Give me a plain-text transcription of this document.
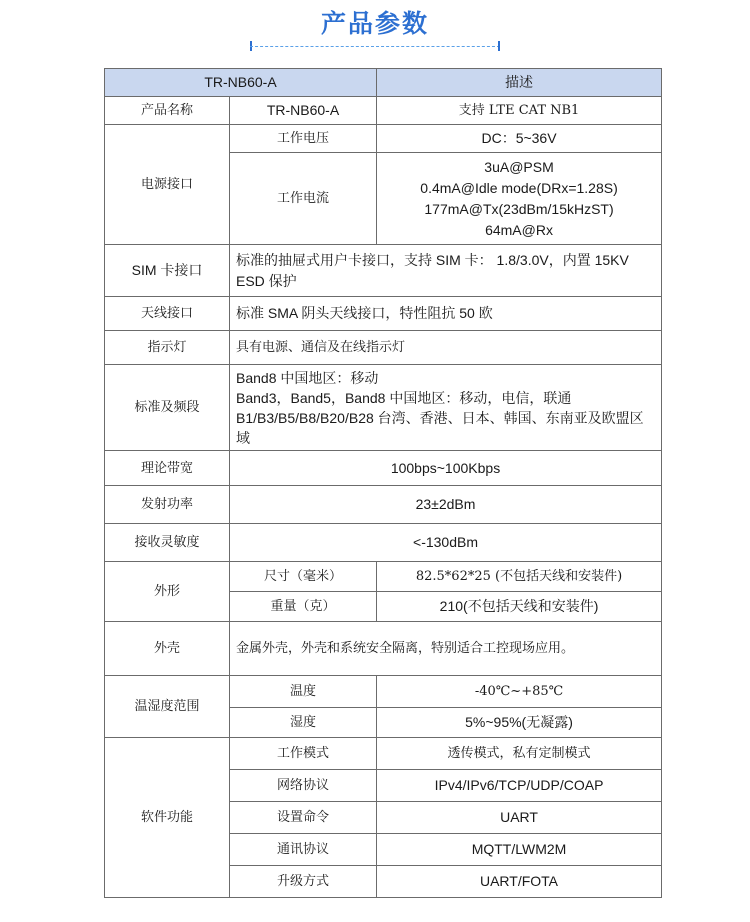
产品参数
TR-NB60-A		描述
产品名称	TR-NB60-A	支持 LTE CAT NB1
电源接口	工作电压	DC：5~36V
	工作电流	3uA@PSM
0.4mA@Idle mode(DRx=1.28S)
177mA@Tx(23dBm/15kHzST)
64mA@Rx

SIM 卡接口	标准的抽屉式用户卡接口，支持 SIM 卡： 1.8/3.0V，内置 15KV ESD 保护	
天线接口	标准 SMA 阴头天线接口，特性阻抗 50 欧	
指示灯	具有电源、通信及在线指示灯	
标准及频段	Band8 中国地区：移动
Band3，Band5，Band8 中国地区：移动，电信，联通
B1/B3/B5/B8/B20/B28 台湾、香港、日本、韩国、东南亚及欧盟区域	

理论带宽	100bps~100Kbps	
发射功率	23±2dBm	
接收灵敏度	<-130dBm	
外形	尺寸（毫米）	82.5*62*25 (不包括天线和安装件)
	重量（克）	210(不包括天线和安装件)
外壳	金属外壳，外壳和系统安全隔离，特别适合工控现场应用。	
温湿度范围	温度	-40℃~+85℃
	湿度	5%~95%(无凝露)
软件功能	工作模式	透传模式，私有定制模式
	网络协议	IPv4/IPv6/TCP/UDP/COAP
	设置命令	UART
	通讯协议	MQTT/LWM2M
	升级方式	UART/FOTA
